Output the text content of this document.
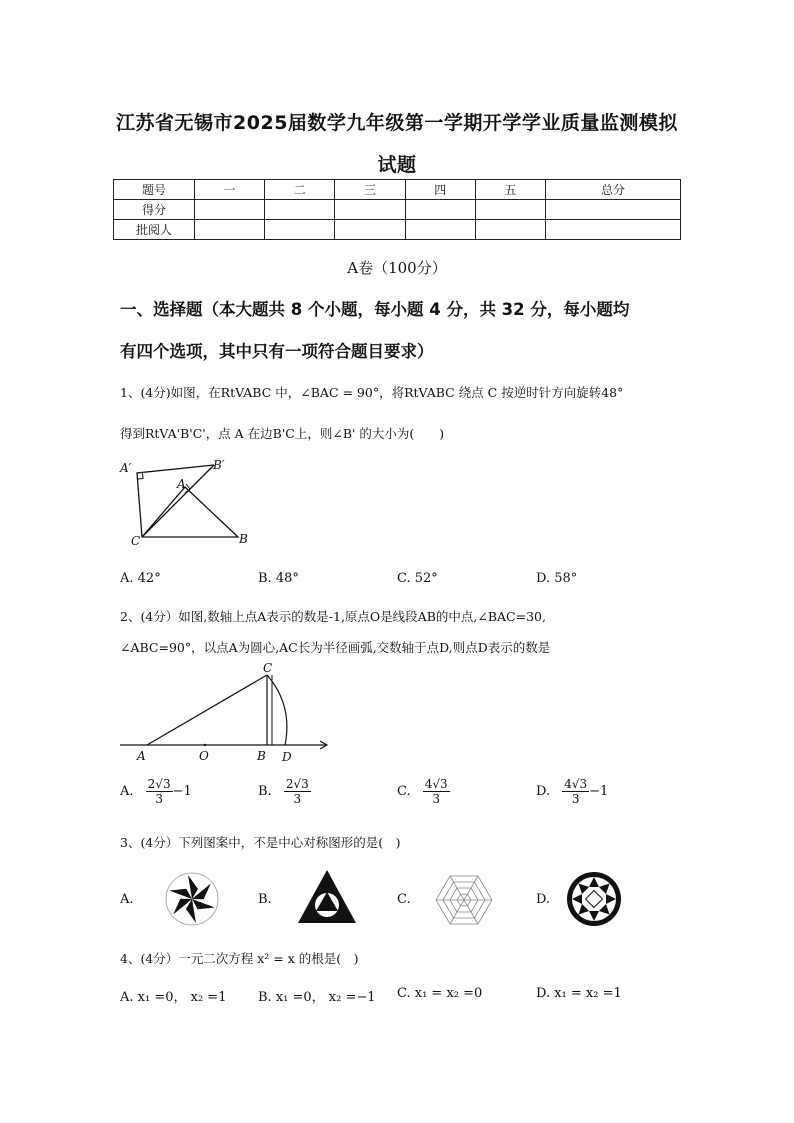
江苏省无锡市2025届数学九年级第一学期开学学业质量监测模拟
试题
题号	一	二	三	四	五	总分
得分						
批阅人						
A卷（100分）
一、选择题（本大题共 8 个小题，每小题 4 分，共 32 分，每小题均
有四个选项，其中只有一项符合题目要求）
1、(4分)如图，在RtVABC 中，∠BAC = 90°，将RtVABC 绕点 C 按逆时针方向旋转48°
得到RtVA'B'C'，点 A 在边B'C上，则∠B' 的大小为(　　)
A′	B′
A
B
C
A. 42°	B. 48°	C. 52°	D. 58°
2、(4分）如图,数轴上点A表示的数是-1,原点O是线段AB的中点,∠BAC=30,
∠ABC=90°，以点A为圆心,AC长为半径画弧,交数轴于点D,则点D表示的数是
C
A	O	B D
A. $\frac{2√3}{3} -1$	B. $\frac{2√3}{3}$	C. $\frac{4√3}{3}$	D. $\frac{4√3}{3} -1$
3、(4分）下列图案中，不是中心对称图形的是(　)
A.	B.	C.	D.
4、(4分）一元二次方程 x² = x 的根是(　)
A. x₁ =0， x₂ =1 B. x₁ =0， x₂ =−1 C. x₁ = x₂ =0	D. x₁ = x₂ =1
